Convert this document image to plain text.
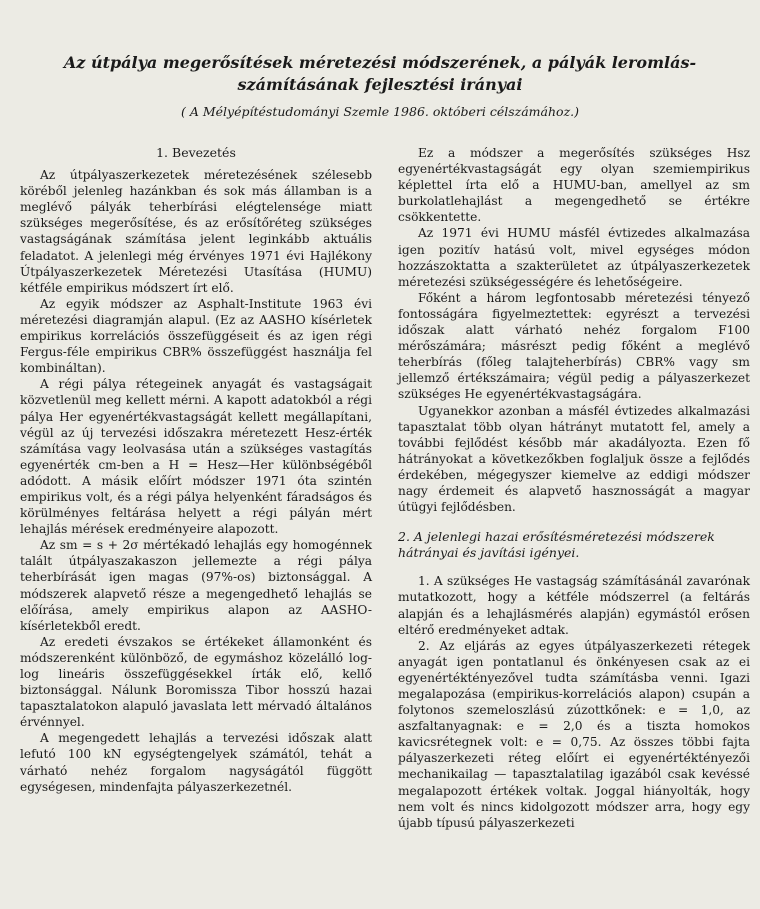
Az útpálya megerősítések méretezési módszerének, a pályák leromlás-számításának fejlesztési irányai
( A Mélyépítéstudományi Szemle 1986. októberi célszámához.)
1. Bevezetés

Az útpályaszerkezetek méretezésének szélesebb köréből jelenleg hazánkban és sok más államban is a meglévő pályák teherbírási elégtelensége miatt szükséges megerősítése, és az erősítőréteg szükséges vastagságának számítása jelent leginkább aktuális feladatot. A jelenlegi még érvényes 1971 évi Hajlékony Útpályaszerkezetek Méretezési Utasítása (HUMU) kétféle empirikus módszert írt elő.

Az egyik módszer az Asphalt-Institute 1963 évi méretezési diagramján alapul. (Ez az AASHO kísérletek empirikus korrelációs összefüggéseit és az igen régi Fergus-féle empirikus CBR% összefüggést használja fel kombináltan).

A régi pálya rétegeinek anyagát és vastagságait közvetlenül meg kellett mérni. A kapott adatokból a régi pálya Her egyenértékvastagságát kellett megállapítani, végül az új tervezési időszakra méretezett Hesz-érték számítása vagy leolvasása után a szükséges vastagítás egyenérték cm-ben a H = Hesz—Her különbségéből adódott. A másik előírt módszer 1971 óta szintén empirikus volt, és a régi pálya helyenként fáradságos és körülményes feltárása helyett a régi pályán mért lehajlás mérések eredményeire alapozott.

Az sm = s + 2σ mértékadó lehajlás egy homogénnek talált útpályaszakaszon jellemezte a régi pálya teherbírását igen magas (97%-os) biztonsággal. A módszerek alapvető része a megengedhető lehajlás se előírása, amely empirikus alapon az AASHO-kísérletekből eredt.

Az eredeti évszakos se értékeket államonként és módszerenként különböző, de egymáshoz közelálló log-log lineáris összefüggésekkel írták elő, kellő biztonsággal. Nálunk Boromissza Tibor hosszú hazai tapasztalatokon alapuló javaslata lett mérvadó általános érvénnyel.

A megengedett lehajlás a tervezési időszak alatt lefutó 100 kN egységtengelyek számától, tehát a várható nehéz forgalom nagyságától függött egységesen, mindenfajta pályaszerkezetnél.

Ez a módszer a megerősítés szükséges Hsz egyenértékvastagságát egy olyan szemiempirikus képlettel írta elő a HUMU-ban, amellyel az sm burkolatlehajlást a megengedhető se értékre csökkentette.

Az 1971 évi HUMU másfél évtizedes alkalmazása igen pozitív hatású volt, mivel egységes módon hozzászoktatta a szakterületet az útpályaszerkezetek méretezési szükségességére és lehetőségeire.

Főként a három legfontosabb méretezési tényező fontosságára figyelmeztettek: egyrészt a tervezési időszak alatt várható nehéz forgalom F100 mérőszámára; másrészt pedig főként a meglévő teherbírás (főleg talajteherbírás) CBR% vagy sm jellemző értékszámaira; végül pedig a pályaszerkezet szükséges He egyenértékvastagságára.

Ugyanekkor azonban a másfél évtizedes alkalmazási tapasztalat több olyan hátrányt mutatott fel, amely a további fejlődést később már akadályozta. Ezen fő hátrányokat a következőkben foglaljuk össze a fejlődés érdekében, mégegyszer kiemelve az eddigi módszer nagy érdemeit és alapvető hasznosságát a magyar útügyi fejlődésben.

2. A jelenlegi hazai erősítésméretezési módszerek hátrányai és javítási igényei.

1. A szükséges He vastagság számításánál zavarónak mutatkozott, hogy a kétféle módszerrel (a feltárás alapján és a lehajlásmérés alapján) egymástól erősen eltérő eredményeket adtak.

2. Az eljárás az egyes útpályaszerkezeti rétegek anyagát igen pontatlanul és önkényesen csak az ei egyenértéktényezővel tudta számításba venni. Igazi megalapozása (empirikus-korrelációs alapon) csupán a folytonos szemeloszlású zúzottkőnek: e = 1,0, az aszfaltanyagnak: e = 2,0 és a tiszta homokos kavicsrétegnek volt: e = 0,75. Az összes többi fajta pályaszerkezeti réteg előírt ei egyenértéktényezői mechanikailag — tapasztalatilag igazából csak kevéssé megalapozott értékek voltak. Joggal hiányolták, hogy nem volt és nincs kidolgozott módszer arra, hogy egy újabb típusú pályaszerkezeti
